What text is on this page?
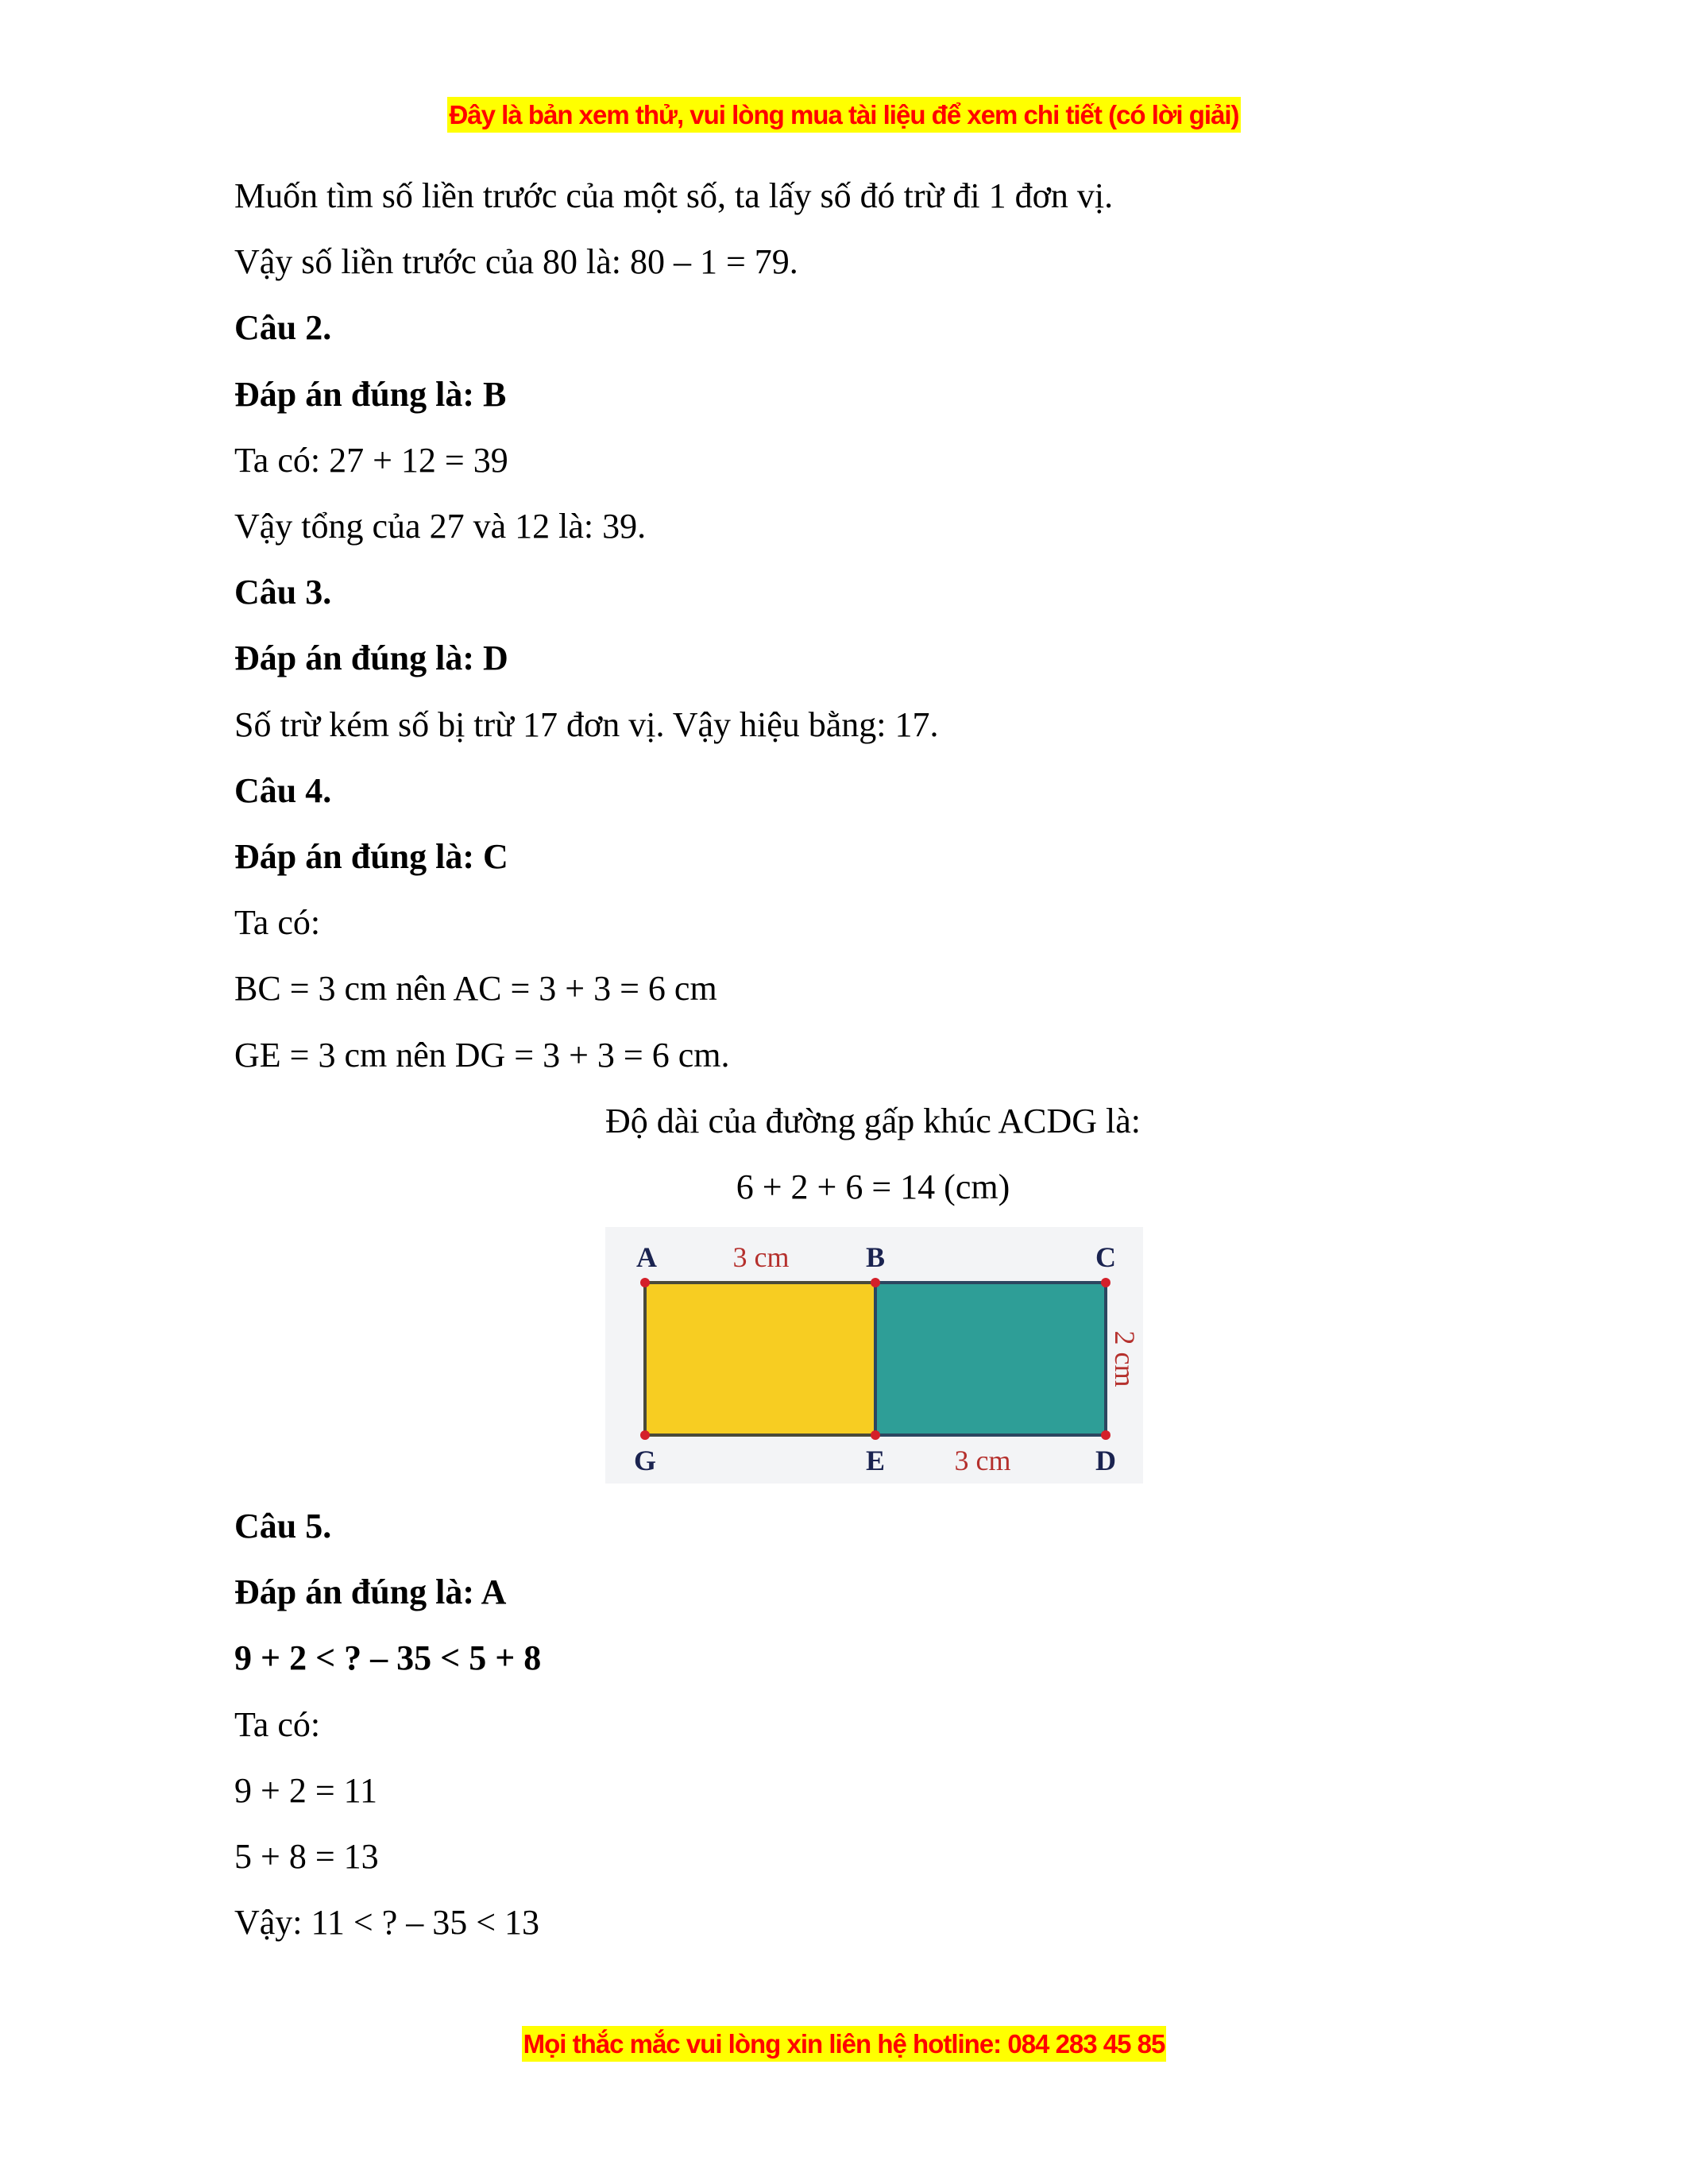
Đây là bản xem thử, vui lòng mua tài liệu để xem chi tiết (có lời giải)
Muốn tìm số liền trước của một số, ta lấy số đó trừ đi 1 đơn vị.
Vậy số liền trước của 80 là: 80 – 1 = 79.
Câu 2.
Đáp án đúng là: B
Ta có: 27 + 12 = 39
Vậy tổng của 27 và 12 là: 39.
Câu 3.
Đáp án đúng là: D
Số trừ kém số bị trừ 17 đơn vị. Vậy hiệu bằng: 17.
Câu 4.
Đáp án đúng là: C
Ta có:
BC = 3 cm nên AC = 3 + 3 = 6 cm
GE = 3 cm nên DG = 3 + 3 = 6 cm.
Độ dài của đường gấp khúc ACDG là:
6 + 2 + 6 = 14 (cm)
A	B	C
G	E	D
3 cm
3 cm
2 cm
Câu 5.
Đáp án đúng là: A
9 + 2 < ? – 35 < 5 + 8
Ta có:
9 + 2 = 11
5 + 8 = 13
Vậy: 11 < ? – 35 < 13
Mọi thắc mắc vui lòng xin liên hệ hotline: 084 283 45 85
